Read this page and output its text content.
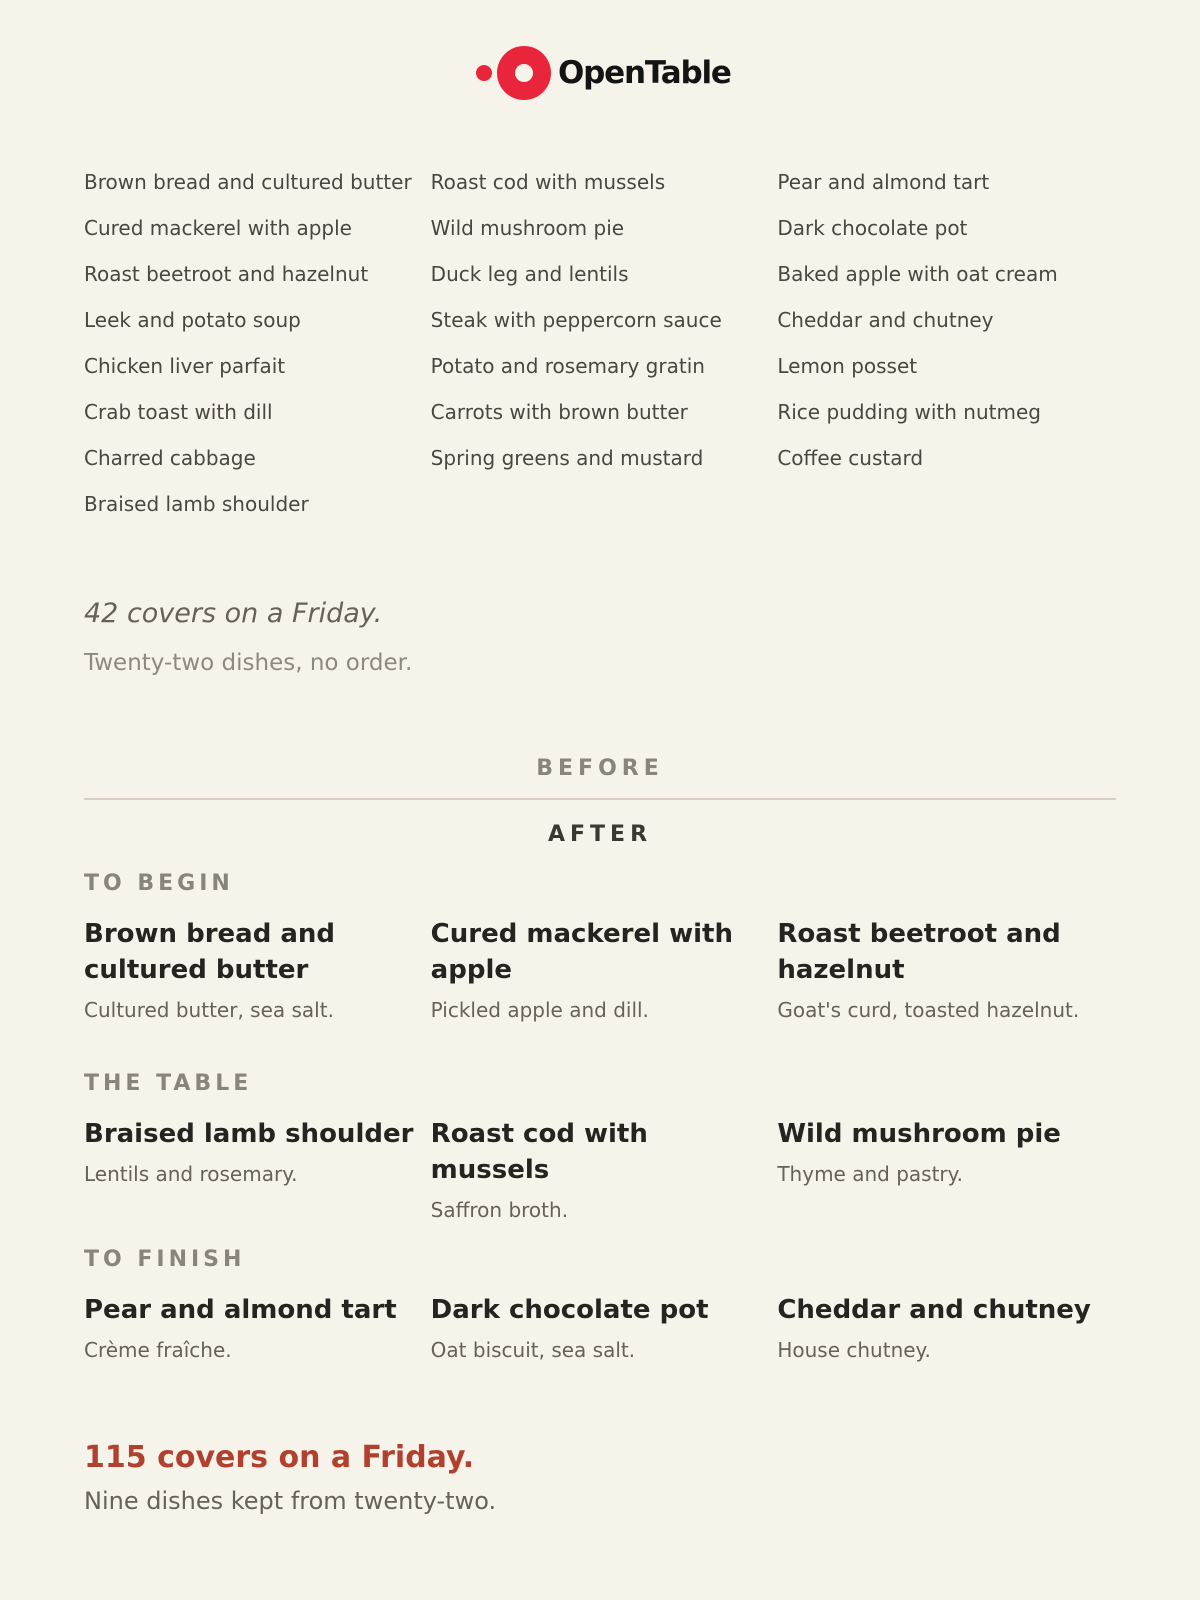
OpenTable
Brown bread and cultured butter
Cured mackerel with apple
Roast beetroot and hazelnut
Leek and potato soup
Chicken liver parfait
Crab toast with dill
Charred cabbage
Braised lamb shoulder
Roast cod with mussels
Wild mushroom pie
Duck leg and lentils
Steak with peppercorn sauce
Potato and rosemary gratin
Carrots with brown butter
Spring greens and mustard
Pear and almond tart
Dark chocolate pot
Baked apple with oat cream
Cheddar and chutney
Lemon posset
Rice pudding with nutmeg
Coffee custard
42 covers on a Friday.
Twenty-two dishes, no order.
BEFORE
AFTER
TO BEGIN
Brown bread and cultured butter
Cultured butter, sea salt.
Cured mackerel with apple
Pickled apple and dill.
Roast beetroot and hazelnut
Goat's curd, toasted hazelnut.
THE TABLE
Braised lamb shoulder
Lentils and rosemary.
Roast cod with mussels
Saffron broth.
Wild mushroom pie
Thyme and pastry.
TO FINISH
Pear and almond tart
Crème fraîche.
Dark chocolate pot
Oat biscuit, sea salt.
Cheddar and chutney
House chutney.
115 covers on a Friday.
Nine dishes kept from twenty-two.
